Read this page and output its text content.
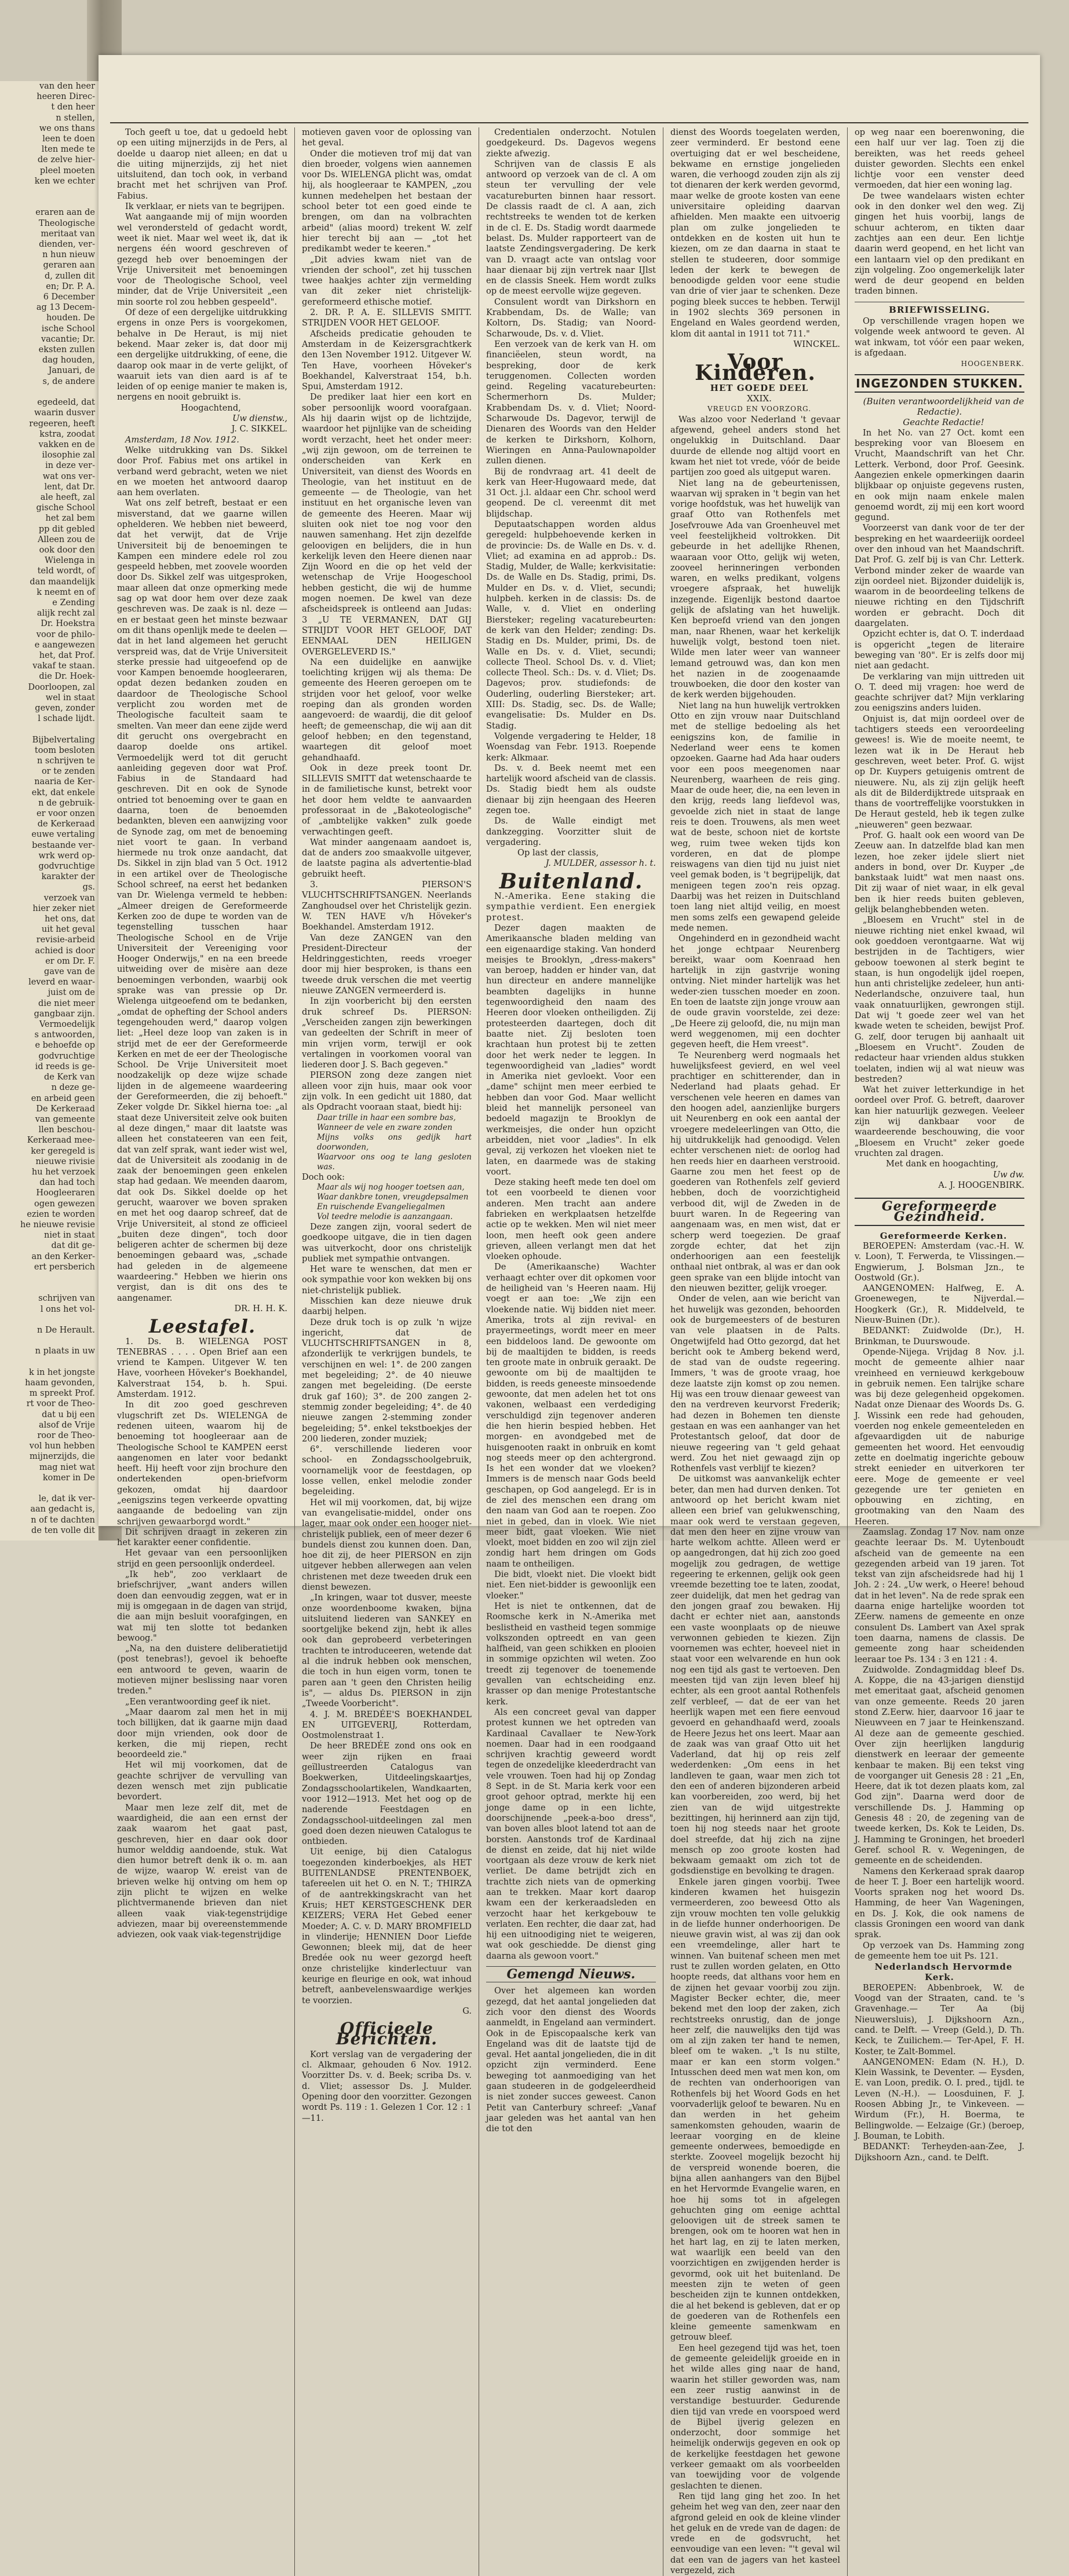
van den heer
heeren Direc-
t den heer
n stellen,
we ons thans
leen te doen
lten mede te
de zelve hier-
pleel moeten
ken we echter

eraren aan de
Theologische
meritaat van
dienden, ver-
n hun nieuw
geraren aan
d, zullen dit
en; Dr. P. A.
6 December
ag 13 Decem-
houden. De
ische School
vacantie; Dr.
eksten zullen
dag houden,
Januari, de
s, de andere

egedeeld, dat
waarin dusver
regeeren, heeft
kstra, zoodat
vakken en de
ilosophie zal
in deze ver-
wat ons ver-
lent, dat Dr.
ale heeft, zal
gische School
het zal bem
pp dit gebled
Alleen zou de
ook door den
Wielenga in
teld wordt, of
dan maandelijk
k neemt en of
e Zending
alijk recht zal
Dr. Hoekstra
voor de philo-
e aangewezen
het, dat Prof.
vakaf te staan.
die Dr. Hoek-
Doorloopen, zal
wel in staat
geven, zonder
l schade lijdt.

Bijbelvertaling
toom besloten
n schrijven te
or te zenden
naaria de Ker-
ekt, dat enkele
n de gebruik-
er voor onzen
de Kerkeraad
euwe vertaling
bestaande ver-
wrk werd op-
godvruchtige
karakter der
gs.
verzoek van
hier zeker niet
het ons, dat
uit het geval
revisie-arbeid
achied is door
er om Dr. F.
gave van de
leverd en waar-
juist om de
die niet meer
gangbaar zijn.
Vermoedelijk
s antwoorden,
e behoefde op
godvruchtige
id reeds is ge-
de Kerk van
n deze ge-
en arbeid geen
De Kerkeraad
van gemeente
llen beschou-
Kerkeraad mee-
ker geregeld is
nieuwe rivisie
hu het verzoek
dan had toch
Hoogleeraren
ogen gewezen
ezien te worden
he nieuwe revisie
niet in staat
dat dit ge-
an den Kerker-
ert persberich

schrijven van
l ons het vol-

n De Herault.

n plaats in uw

k in het jongste
haam gevonden,
m spreekt Prof.
rt voor de Theo-
dat u bij een
alsof de Vrije
roor de Theo-
vol hun hebben
mijnerzijds, die
mag niet wat
komer in De

le, dat ik ver-
aan gedacht is,
n of te dachten
de ten volle dit

Toch geeft u toe, dat u gedoeld hebt op een uiting mijnerzijds in de Pers, al doelde u daarop niet alleen; en dat u die uiting mijnerzijds, zij het niet uitsluitend, dan toch ook, in verband bracht met het schrijven van Prof. Fabius.

Ik verklaar, er niets van te begrijpen.

Wat aangaande mij of mijn woorden wel verondersteld of gedacht wordt, weet ik niet. Maar wel weet ik, dat ik nergens één woord geschreven of gezegd heb over benoemingen der Vrije Universiteit met benoemingen voor de Theologische School, veel minder, dat de Vrije Universiteit „een min soorte rol zou hebben gespeeld".

Of deze of een dergelijke uitdrukking ergens in onze Pers is voorgekomen, behalve in De Heraut, is mij niet bekend. Maar zeker is, dat door mij een dergelijke uitdrukking, of eene, die daarop ook maar in de verte gelijkt, of waaruit iets van dien aard is af te leiden of op eenige manier te maken is, nergens en nooit gebruikt is.

Hoogachtend,

Uw dienstw.,

J. C. SIKKEL.

Amsterdam, 18 Nov. 1912.

Welke uitdrukking van Ds. Sikkel door Prof. Fabius met ons artikel in verband werd gebracht, weten we niet en we moeten het antwoord daarop aan hem overlaten.

Wat ons zelf betreft, bestaat er een misverstand, dat we gaarne willen ophelderen. We hebben niet beweerd, dat het verwijt, dat de Vrije Universiteit bij de benoemingen te Kampen een mindere edele rol zou gespeeld hebben, met zoovele woorden door Ds. Sikkel zelf was uitgesproken, maar alleen dat onze opmerking mede sag op wat door hem over deze zaak geschreven was. De zaak is nl. deze — en er bestaat geen het minste bezwaar om dit thans openlijk mede te deelen — dat in het land algemeen het gerucht verspreid was, dat de Vrije Universiteit sterke pressie had uitgeoefend op de voor Kampen benoemde hoogleeraren, opdat dezen bedanken zouden en daardoor de Theologische School verplicht zou worden met de Theologische faculteit saam te smelten. Van meer dan eene zijde werd dit gerucht ons overgebracht en daarop doelde ons artikel. Vermoedelijk werd tot dit gerucht aanleiding gegeven door wat Prof. Fabius in de Standaard had geschreven. Dit en ook de Synode ontried tot benoeming over te gaan en daarna, toen de benoemden bedankten, bleven een aanwijzing voor de Synode zag, om met de benoeming niet voort te gaan. In verband hiermede nu trok onze aandacht, dat Ds. Sikkel in zijn blad van 5 Oct. 1912 in een artikel over de Theologische School schreef, na eerst het bedanken van Dr. Wielenga vermeld te hebben: „Almeer dreigen de Gereformeerde Kerken zoo de dupe te worden van de tegenstelling tusschen haar Theologische School en de Vrije Universiteit der Vereeniging voor Hooger Onderwijs," en na een breede uitweiding over de misère aan deze benoemingen verbonden, waarbij ook sprake was van pressie op Dr. Wielenga uitgeoefend om te bedanken, „omdat de ophefting der School anders tegengehouden werd," daarop volgen liet: „Heel deze loop van zaken is in strijd met de eer der Gereformeerde Kerken en met de eer der Theologische School. De Vrije Universiteit moet noodzakelijk op deze wijze schade lijden in de algemeene waardeering der Gereformeerden, die zij behoeft." Zeker volgde Dr. Sikkel hierna toe: „al staat deze Universiteit zelve ook buiten al deze dingen," maar dit laatste was alleen het constateeren van een feit, dat van zelf sprak, want ieder wist wel, dat de Universiteit als zoodanig in de zaak der benoemingen geen enkelen stap had gedaan. We meenden daarom, dat ook Ds. Sikkel doelde op het gerucht, waarover we boven spraken en met het oog daarop schreef, dat de Vrije Universiteit, al stond ze officieel „buiten deze dingen", toch door beligeren achter de schermen bij deze benoemingen gebaard was, „schade had geleden in de algemeene waardeering." Hebben we hierin ons vergist, dan is dit ons des te aangenamer.

DR. H. H. K.

Leestafel.

1. Ds. B. WIELENGA POST TENEBRAS . . . . Open Brief aan een vriend te Kampen. Uitgever W. ten Have, voorheen Höveker's Boekhandel, Kalverstraat 154, b. h. Spui. Amsterdam. 1912.

In dit zoo goed geschreven vlugschrift zet Ds. WIELENGA de redenen uiteen, waarom hij de benoeming tot hoogleeraar aan de Theologische School te KAMPEN eerst aangenomen en later voor bedankt heeft. Hij heeft voor zijn brochure den ondertekenden open-briefvorm gekozen, omdat hij daardoor „eenigszins tegen verkeerde opvatting aangaande de bedoeling van zijn schrijven gewaarborgd wordt."

Dit schrijven draagt in zekeren zin het karakter eener confidentie.

Het gevaar van een persoonlijken strijd en geen persoonlijk onderdeel.

„Ik heb", zoo verklaart de briefschrijver, „want anders willen doen dan eenvoudig zeggen, wat er in mij is omgegaan in de dagen van strijd, die aan mijn besluit voorafgingen, en wat mij ten slotte tot bedanken bewoog."

„Na, na den duistere deliberatietijd (post tenebras!), gevoel ik behoefte een antwoord te geven, waarin de motieven mijner beslissing naar voren treden."

„Een verantwoording geef ik niet.

„Maar daarom zal men het in mij toch billijken, dat ik gaarne mijn daad door mijn vrienden, ook door de kerken, die mij riepen, recht beoordeeld zie."

Het wil mij voorkomen, dat de geachte schrijver de vervulling van dezen wensch met zijn publicatie bevordert.

Maar men leze zelf dit, met de waardigheid, die aan een ernst der zaak waarom het gaat past, geschreven, hier en daar ook door humor welddig aandoende, stuk. Wat dien humor betreft denk ik o. m. aan de wijze, waarop W. ereist van de brieven welke hij ontving om hem op zijn plicht te wijzen en welke plichtvermanende brieven dan niet alleen vaak viak-tegenstrijdige adviezen, maar bij overeenstemmende adviezen, ook vaak viak-tegenstrijdige

motieven gaven voor de oplossing van het geval.

Onder die motieven trof mij dat van dien broeder, volgens wien aannemen voor Ds. WIELENGA plicht was, omdat hij, als hoogleeraar te KAMPEN, „zou kunnen medehelpen het bestaan der school beter tot een goed einde te brengen, om dan na volbrachten arbeid" (alias moord) trekent W. zelf hier terecht bij aan — „tot het predikambt weder te keeren."

„Dit advies kwam niet van de vrienden der school", zet hij tusschen twee haakjes achter zijn vermelding van dit zeker niet christelijk-gereformeerd ethische motief.

2. DR. P. A. E. SILLEVIS SMITT. STRIJDEN VOOR HET GELOOF.

Afscheids predicatie gehouden te Amsterdam in de Keizersgrachtkerk den 13en November 1912. Uitgever W. Ten Have, voorheen Höveker's Boekhandel, Kalverstraat 154, b.h. Spui, Amsterdam 1912.

De prediker laat hier een kort en sober persoonlijk woord voorafgaan. Als hij daarin wijst op de lichtzijde, waardoor het pijnlijke van de scheiding wordt verzacht, heet het onder meer: „wij zijn gewoon, om de terreinen te onderscheiden van Kerk en Universiteit, van dienst des Woords en Theologie, van het instituut en de gemeente — de Theologie, van het instituut en het organische leven van de gemeente des Heeren. Maar wij sluiten ook niet toe nog voor den nauwen samenhang. Het zijn dezelfde geloovigen en belijders, die in hun kerkelijk leven den Heere dienen naar Zijn Woord en die op het veld der wetenschap de Vrije Hoogeschool hebben gesticht, die wij de humme mogen noemen. De kwel van deze afscheidspreek is ontleend aan Judas: 3 „U TE VERMANEN, DAT GIJ STRIJDT VOOR HET GELOOF, DAT EENMAAL DEN HEILIGEN OVERGELEVERD IS."

Na een duidelijke en aanwijke toelichting krijgen wij als thema: De gemeente des Heeren geroepen om te strijden voor het geloof, voor welke roeping dan als gronden worden aangevoerd: de waardij, die dit geloof heeft; de gemeenschap, die wij aan dit geloof hebben; en den tegenstand, waartegen dit geloof moet gehandhaafd.

Ook in deze preek toont Dr. SILLEVIS SMITT dat wetenschaarde te in de familietische kunst, betrekt voor het door hem veldte te aanvaarden professoraat in de „Bakoteologische" of „ambtelijke vakken" zulk goede verwachtingen geeft.

Wat minder aangenaam aandoet is, dat de anders zoo smaakvolle uitgever, de laatste pagina als advertentie-blad gebruikt heeft.

3. PIERSON'S VLUCHTSCHRIFTSANGEN. Neerlands Zanghoudsel over het Christelijk gezin. W. TEN HAVE v/h Höveker's Boekhandel. Amsterdam 1912.

Van deze ZANGEN van den President-Directeur der Heldringgestichten, reeds vroeger door mij hier besproken, is thans een tweede druk verschen die met veertig nieuwe ZANGEN vermeerderd is.

In zijn voorbericht bij den eersten druk schreef Ds. PIERSON: „Verscheiden zangen zijn bewerkingen van gedeelten der Schrift in meer of min vrijen vorm, terwijl er ook vertalingen in voorkomen vooral van liederen door J. S. Bach gegeven."

PIERSON zong deze zangen niet alleen voor zijn huis, maar ook voor zijn volk. In een gedicht uit 1880, dat als Opdracht vooraan staat, biedt hij:

Daar trille in haar een sombre bas,
Wanneer de vele en zware zonden
Mijns volks ons gedijk hart doorwonden,
Waarvoor ons oog te lang gesloten was.

Doch ook:

Maar als wij nog hooger toetsen aan,
Waar dankbre tonen, vreugdepsalmen
En ruischende Evangeliegalmen
Vol teedre melodie is aanzangaan.

Deze zangen zijn, vooral sedert de goedkoope uitgave, die in tien dagen was uitverkocht, door ons christelijk publiek met sympathie ontvangen.

Het ware te wenschen, dat men er ook sympathie voor kon wekken bij ons niet-christelijk publiek.

Misschien kan deze nieuwe druk daarbij helpen.

Deze druk toch is op zulk 'n wijze ingericht, dat de VLUCHTSCHRIFTSANGEN in 8, afzonderlijk te verkrijgen bundels, te verschijnen en wel: 1°. de 200 zangen met begeleiding; 2°. de 40 nieuwe zangen met begeleiding. (De eerste druk gaf 160); 3°. de 200 zangen 2-stemmig zonder begeleiding; 4°. de 40 nieuwe zangen 2-stemming zonder begeleiding; 5°. enkel tekstboekjes der 200 liederen, zonder muziek;

6°. verschillende liederen voor school- en Zondagsschoolgebruik, voornamelijk voor de feestdagen, op losse vellen, enkel melodie zonder begeleiding.

Het wil mij voorkomen, dat, bij wijze van evangelisatie-middel, onder ons lager, maar ook onder een hooger niet-christelijk publiek, een of meer dezer 6 bundels dienst zou kunnen doen. Dan, hoe dit zij, de heer PIERSON en zijn uitgever hebben allerwegen aan velen christenen met deze tweeden druk een dienst bewezen.

„In kringen, waar tot dusver, meeste onze woordenboome kwaken, bijna uitsluitend liederen van SANKEY en soortgelijke bekend zijn, hebt ik alles ook dan geprobeerd verbeteringen trachten te introduceeren, wetende dat al die indruk hebben ook menschen, die toch in hun eigen vorm, tonen te paren aan 't geen den Christen heilig is", — aldus Ds. PIERSON in zijn „Tweede Voorbericht".

4. J. M. BREDÉE'S BOEKHANDEL EN UITGEVERIJ, Rotterdam, Oostmolenstraat 1.

De heer BREDÉE zond ons ook en weer zijn rijken en fraai geïllustreerden Catalogus van Boekwerken, Uitdeelingskaartjes, Zondagsschoolartikelen, Wandkaarten, voor 1912—1913. Met het oog op de naderende Feestdagen en Zondagsschool-uitdeelingen zal men goed doen dezen nieuwen Catalogus te ontbieden.

Uit eenige, bij dien Catalogus toegezonden kinderboekjes, als HET BUITENLANDSE PRENTENBOEK, tafereelen uit het O. en N. T.; THIRZA of de aantrekkingskracht van het Kruis; HET KERSTGESCHENK DER KEIZERS; VERA Het Gebed eener Moeder; A. C. v. D. MARY BROMFIELD in vlinderije; HENNIEN Door Liefde Gewonnen; bleek mij, dat de heer Bredée ook nu weer gezorgd heeft onze christelijke kinderlectuur van keurige en fleurige en ook, wat inhoud betreft, aanbevelenswaardige werkjes te voorzien.

G.

Officieele Berichten.

Kort verslag van de vergadering der cl. Alkmaar, gehouden 6 Nov. 1912. Voorzitter Ds. v. d. Beek; scriba Ds. v. d. Vliet; assessor Ds. J. Mulder. Opening door den voorzitter. Gezongen wordt Ps. 119 : 1. Gelezen 1 Cor. 12 : 1—11.

Credentialen onderzocht. Notulen goedgekeurd. Ds. Dagevos wegens ziekte afwezig.

Schrijven van de classis E als antwoord op verzoek van de cl. A om steun ter vervulling der vele vacatureburten binnen haar ressort. De classis raadt de cl. A aan, zich rechtstreeks te wenden tot de kerken in de cl. E. Ds. Stadig wordt daarmede belast. Ds. Mulder rapporteert van de laatste Zendingsvergadering. De kerk van D. vraagt acte van ontslag voor haar dienaar bij zijn vertrek naar IJlst en de classis Sneek. Hem wordt zulks op de meest eervolle wijze gegeven.

Consulent wordt van Dirkshorn en Krabbendam, Ds. de Walle; van Koltorn, Ds. Stadig; van Noord-Scharwoude, Ds. v. d. Vliet.

Een verzoek van de kerk van H. om financiëelen, steun wordt, na bespreking, door de kerk teruggenomen. Collecten worden geind. Regeling vacaturebeurten: Schermerhorn Ds. Mulder; Krabbendam Ds. v. d. Vliet; Noord-Scharwoude Ds. Dagevor, terwijl de Dienaren des Woords van den Helder de kerken te Dirkshorn, Kolhorn, Wieringen en Anna-Paulownapolder zullen dienen.

Bij de rondvraag art. 41 deelt de kerk van Heer-Hugowaard mede, dat 31 Oct. j.l. aldaar een Chr. school werd geopend. De cl. vereenmt dit met blijdschap.

Deputaatschappen worden aldus geregeld: hulpbehoevende kerken in de provincie: Ds. de Walle en Ds. v. d. Vliet; ad examina en ad approb.: Ds. Stadig, Mulder, de Walle; kerkvisitatie: Ds. de Walle en Ds. Stadig, primi, Ds. Mulder en Ds. v. d. Vliet, secundi; hulpbeh. kerken in de classis: Ds. de Walle, v. d. Vliet en onderling Biersteker; regeling vacaturebeurten: de kerk van den Helder; zending: Ds. Stadig en Ds. Mulder, primi, Ds. de Walle en Ds. v. d. Vliet, secundi; collecte Theol. School Ds. v. d. Vliet; collecte Theol. Sch.: Ds. v. d. Vliet; Ds. Dagevos; prov. studiefonds: de Ouderling, ouderling Biersteker; art. XIII: Ds. Stadig, sec. Ds. de Walle; evangelisatie: Ds. Mulder en Ds. Stadig.

Volgende vergadering te Helder, 18 Woensdag van Febr. 1913. Roepende kerk: Alkmaar.

Ds. v. d. Beek neemt met een hartelijk woord afscheid van de classis. Ds. Stadig biedt hem als oudste dienaar bij zijn heengaan des Heeren zegen toe.

Ds. de Walle eindigt met dankzegging. Voorzitter sluit de vergadering.

Op last der classis,

J. MULDER, assessor h. t.

Buitenland.

N.-Amerika. Eene staking die sympathie verdient. Een energiek protest.

Dezer dagen maakten de Amerikaansche bladen melding van een eigenaardige staking. Van honderd meisjes te Brooklyn, „dress-makers" van beroep, hadden er hinder van, dat hun directeur en andere mannelijke beambten dagelijks in hunne tegenwoordigheid den naam des Heeren door vloeken ontheiligden. Zij protesteerden daartegen, doch dit baatte niet. Zij besloten toen krachtaan hun protest bij te zetten door het werk neder te leggen. In tegenwoordigheid van „ladies" wordt in Amerika niet gevloekt. Voor een „dame" schijnt men meer eerbied te hebben dan voor God. Maar wellicht bleid het mannelijk personeel van bedoeld magazijn te Brooklyn de werkmeisjes, die onder hun opzicht arbeidden, niet voor „ladies". In elk geval, zij verkozen het vloeken niet te laten, en daarmede was de staking voort.

Deze staking heeft mede ten doel om tot een voorbeeld te dienen voor anderen. Men tracht aan andere fabrieken en werkplaatsen hetzelfde actie op te wekken. Men wil niet meer loon, men heeft ook geen andere grieven, alleen verlangt men dat het vloeken ophoude.

De (Amerikaansche) Wachter verhaagt echter over dit opkomen voor de heiligheid van 's Heeren naam. Hij voegt er aan toe: „We zijn een vloekende natie. Wij bidden niet meer. Amerika, trots al zijn revival- en prayermeetings, wordt meer en meer een biddeloos land. De gewoonte om bij de maaltijden te bidden, is reeds ten groote mate in onbruik geraakt. De gewoonte om bij de maaltijden te bidden, is reeds geneeste minsoedende gewoonte, dat men adelen het tot ons vakonen, welbaast een verdediging verschuldigd zijn tegenover anderen die hen hierin bespied hebben. Het morgen- en avondgebed met de huisgenooten raakt in onbruik en komt nog steeds meer op den achtergrond. Is het een wonder dat we vloeken? Immers is de mensch naar Gods beeld geschapen, op God aangelegd. Er is in de ziel des menschen een drang om den naam van God aan te roepen. Zoo niet in gebed, dan in vloek. Wie niet meer bidt, gaat vloeken. Wie niet vloekt, moet bidden en zoo wil zijn ziel zondig hart hem dringen om Gods naam te ontheiligen.

Die bidt, vloekt niet. Die vloekt bidt niet. Een niet-bidder is gewoonlijk een vloeker."

Het is niet te ontkennen, dat de Roomsche kerk in N.-Amerika met beslistheid en vastheid tegen sommige volkszonden optreedt en van geen halfheid, van geen schikken en plooien in sommige opzichten wil weten. Zoo treedt zij tegenover de toenemende gevallen van echtscheiding enz. krasser op dan menige Protestantsche kerk.

Als een concreet geval van dapper protest kunnen we het optreden van Kardinaal Cavallaer te New-York noemen. Daar had in een roodgaand schrijven krachtig geweerd wordt tegen de onzedelijke kleederdracht van vele vrouwen. Toen had hij op Zondag 8 Sept. in de St. Maria kerk voor een groot gehoor optrad, merkte hij een jonge dame op in een lichte, doorschijnende „peek-a-boo dress", van boven alles bloot latend tot aan de borsten. Aanstonds trof de Kardinaal de dienst en zeide, dat hij niet wilde voortgaan als deze vrouw de kerk niet verliet. De dame betrijdt zich en trachtte zich niets van de opmerking aan te trekken. Maar kort daarop kwam een der kerkeraadsleden en verzocht haar het kerkgebouw te verlaten. Een rechter, die daar zat, had hij een uitnoodiging niet te weigeren, wat ook geschiedde. De dienst ging daarna als gewoon voort."

Gemengd Nieuws.

Over het algemeen kan worden gezegd, dat het aantal jongelieden dat zich voor den dienst des Woords aanmeldt, in Engeland aan vermindert. Ook in de Episcopaalsche kerk van Engeland was dit de laatste tijd de geval. Het aantal jongelieden, die in dit opzicht zijn verminderd. Eene beweging tot aanmoediging van het gaan studeeren in de godgeleerdheid is niet zonder succes geweest. Canon Petit van Canterbury schreef: „Vanaf jaar geleden was het aantal van hen die tot den

dienst des Woords toegelaten werden, zeer verminderd. Er bestond eene overtuiging dat er wel bescheidene, bekwame en ernstige jongelieden waren, die verhoogd zouden zijn als zij tot dienaren der kerk werden gevormd, maar welke de groote kosten van eene universitaire opleiding daarvan afhielden. Men maakte een uitvoerig plan om zulke jongelieden te ontdekken en de kosten uit hun te kiezen, om ze dan daarna in staat te stellen te studeeren, door sommige leden der kerk te bewegen de benoodigde gelden voor eene studie van drie of vier jaar te schenken. Deze poging bleek succes te hebben. Terwijl in 1902 slechts 369 personen in Engeland en Wales geordend werden, klom dit aantal in 1911 tot 711."

WINCKEL.

Voor Kinderen.

HET GOEDE DEEL

XXIX.

VREUGD EN VOORZORG.

Was alzoo voor Nederland 't gevaar afgewend, geheel anders stond het ongelukkig in Duitschland. Daar duurde de ellende nog altijd voort en kwam het niet tot vrede, vóór de beide partijen zoo goed als uitgeput waren.

Niet lang na de gebeurtenissen, waarvan wij spraken in 't begin van het vorige hoofdstuk, was het huwelijk van graaf Otto van Rothenfels met Josefvrouwe Ada van Groenheuvel met veel feestelijkheid voltrokken. Dit gebeurde in het adellijke Rhenen, waaraan voor Otto, gelijk wij weten, zooveel herinneringen verbonden waren, en welks predikant, volgens vroegere afspraak, het huwelijk inzegende. Eigenlijk bestond daartoe gelijk de afslating van het huwelijk. Ken beproefd vriend van den jongen man, naar Rhenen, waar het kerkelijk huwelijk volgt, bestond toen niet. Wilde men later weer van wanneer lemand getrouwd was, dan kon men het nazien in de zoogenaamde trouwboeken, die door den koster van de kerk werden bijgehouden.

Niet lang na hun huwelijk vertrokken Otto en zijn vrouw naar Duitschland met de stellige bedoeling als het eenigszins kon, de familie in Nederland weer eens te komen opzoeken. Gaarne had Ada haar ouders voor een poos meegenomen naar Neurenberg, waarheen de reis ging. Maar de oude heer, die, na een leven in den krijg, reeds lang liefdevol was, gevoelde zich niet in staat de lange reis te doen. Trouwens, als men weet wat de beste, schoon niet de kortste weg, ruim twee weken tijds kon vorderen, en dat de plompe reiswagens van dien tijd nu juist niet veel gemak boden, is 't begrijpelijk, dat menigeen tegen zoo'n reis opzag. Daarbij was het reizen in Duitschland toen lang niet altijd veilig, en moest men soms zelfs een gewapend geleide mede nemen.

Ongehinderd en in gezondheid wacht het jonge echtpaar Neurenberg bereikt, waar oom Koenraad hen hartelijk in zijn gastvrije woning ontving. Niet minder hartelijk was het weder-zien tusschen moeder en zoon. En toen de laatste zijn jonge vrouw aan de oude gravin voorstelde, zei deze: „De Heere zij geloofd, die, nu mijn man werd weggenomen, mij een dochter gegeven heeft, die Hem vreest".

Te Neurenberg werd nogmaals het huwelijksfeest gevierd, en wel veel prachtiger en schitterender, dan in Nederland had plaats gehad. Er verschenen vele heeren en dames van den hoogen adel, aanzienlijke burgers uit Neurenberg en ook een aantal der vroegere medeleerlingen van Otto, die hij uitdrukkelijk had genoodigd. Velen echter verschenen niet: de oorlog had hen reeds hier en daarheen verstrooid. Gaarne zou men het feest op de goederen van Rothenfels zelf gevierd hebben, doch de voorzichtigheid verbood dit, wijl de Zweden in de buurt waren. In de Regeering van aangenaam was, en men wist, dat er scherp werd toegezien. De graaf zorgde echter, dat het zijn onderhoorigen aan een feestelijk onthaal niet ontbrak, al was er dan ook geen sprake van een blijde intocht van den nieuwen bezitter, gelijk vroeger.

Onder de velen, aan wie bericht van het huwelijk was gezonden, behoorden ook de burgemeesters of de besturen van vele plaatsen in de Palts. Ongetwijfeld had Otto gezorgd, dat het bericht ook te Amberg bekend werd, de stad van de oudste regeering. Immers, 't was de groote vraag, hoe deze laatste zijn komst op zou nemen. Hij was een trouw dienaar geweest van den na verdreven keurvorst Frederik; had dezen in Bohemen ten dienste gestaan en was een aanhanger van het Protestantsch geloof, dat door de nieuwe regeering van 't geld gehaat werd. Zou het niet gewaagd zijn op Rothenfels vast verblijf te kiezen?

De uitkomst was aanvankelijk echter beter, dan men had durven denken. Tot antwoord op het bericht kwam niet alleen een brief van gelukwensching, maar ook werd te verstaan gegeven, dat men den heer en zijne vrouw van harte welkom achtte. Alleen werd er op aangedrongen, dat hij zich zoo goed mogelijk zou gedragen, de wettige regeering te erkennen, gelijk ook geen vreemde bezetting toe te laten, zoodat, zeer duidelijk, dat men het gedrag van den jongen graaf zou bewaken. Hij dacht er echter niet aan, aanstonds een vaste woonplaats op de nieuwe verwonnen gebieden te kiezen. Zijn voornemen was echter, hoeveel niet in staat voor een welvarende en hun ook nog een tijd als gast te vertoeven. Den meesten tijd van zijn leven bleef hij echter, als een groot aantal Rothenfels zelf verbleef, — dat de eer van het heerlijk wapen met een fiere eenvoud gevoerd en gehandhaafd werd, zooals de Heere Jezus het ons leert. Maar aan de zaak was van graaf Otto uit het Vaderland, dat hij op reis zelf wederdenken: „Om eens in het landleven te gaan, waar men zich tot den een of anderen bijzonderen arbeid kan voorbereiden, zoo werd, bij het zien van de wijd uitgestrekte bezittingen, hij herinnerd aan zijn tijd, toen hij nog steeds naar het groote doel streefde, dat hij zich na zijne mensch op zoo groote kosten had bekwaam gemaakt om zich tot de godsdienstige en bevolking te dragen.

Enkele jaren gingen voorbij. Twee kinderen kwamen het huisgezin vermeerderen, zoo beweesd Otto als zijn vrouw mochten ten volle gelukkig in de liefde hunner onderhoorigen. De nieuwe gravin wist, al was zij dan ook een vreemdelinge, aller hart te winnen. Van buitenaf scheen men met rust te zullen worden gelaten, en Otto hoopte reeds, dat althans voor hem en de zijnen het gevaar voorbij zou zijn. Magister Becker echter, die, meer bekend met den loop der zaken, zich rechtstreeks onrustig, dan de jonge heer zelf, die nauwelijks den tijd was om al zijn zaken ter hand te nemen, bleef om te waken. „'t Is nu stilte, maar er kan een storm volgen." Intusschen deed men wat men kon, om de rechten van onderhoorigen van Rothenfels bij het Woord Gods en het voorvaderlijk geloof te bewaren. Nu en dan werden in het geheim samenkomsten gehouden, waarin de leeraar voorging en de kleine gemeente onderwees, bemoedigde en sterkte. Zooveel mogelijk bezocht hij de verspreid wonende boeren, die bijna allen aanhangers van den Bijbel en het Hervormde Evangelie waren, en hoe hij soms tot in afgelegen gehuchten ging om eenige achttal geloovigen uit de streek samen te brengen, ook om te hooren wat hen in het hart lag, en zij te laten merken, wat waarlijk een beeld van den voorzichtigen en zwijgenden herder is gevormd, ook uit het buitenland. De meesten zijn te weten of geen bescheiden zijn te kunnen ontdekken, die al het bekend is gebleven, dat er op de goederen van de Rothenfels een kleine gemeente samenkwam en getrouw bleef.

Een heel gezegend tijd was het, toen de gemeente geleidelijk groeide en in het wilde alles ging naar de hand, waarin het stiller geworden was, nam een zeer rustig aanwinst in de verstandige bestuurder. Gedurende dien tijd van vrede en voorspoed werd de Bijbel ijverig gelezen en onderzocht, door sommige het heimelijk onderwijs gegeven en ook op de kerkelijke feestdagen het gewone verkeer gemaakt om als voorbeelden van toewijding voor de volgende geslachten te dienen.

Ren tijd lang ging het zoo. In het geheim het weg van den, zeer naar den afgrond geleid en ook de kleine vlinder het geluk en de vrede van de dagen: de vrede en de godsvrucht, het eenvoudige van een leven: "'t geval wil dat een van de jagers van het kasteel vergezeld, zich

op weg naar een boerenwoning, die een half uur ver lag. Toen zij die bereikten, was het reeds geheel duister geworden. Slechts een enkel lichtje voor een venster deed vermoeden, dat hier een woning lag.

De twee wandelaars wisten echter ook in den donker wel den weg. Zij gingen het huis voorbij, langs de schuur achterom, en tikten daar zachtjes aan een deur. Een lichtje daarin werd geopend, en het licht van een lantaarn viel op den predikant en zijn volgeling. Zoo ongemerkelijk later werd de deur geopend en belden traden binnen.

BRIEFWISSELING.

Op verschillende vragen hopen we volgende week antwoord te geven. Al wat inkwam, tot vóór een paar weken, is afgedaan.

HOOGENBERK.

INGEZONDEN STUKKEN.

(Buiten verantwoordelijkheid van de Redactie).

Geachte Redactie!

In het No. van 27 Oct. komt een bespreking voor van Bloesem en Vrucht, Maandschrift van het Chr. Letterk. Verbond, door Prof. Geesink. Aangezien enkele opmerkingen daarin blijkbaar op onjuiste gegevens rusten, en ook mijn naam enkele malen genoemd wordt, zij mij een kort woord gegund.

Voorzeerst van dank voor de ter der bespreking en het waardeeriijk oordeel over den inhoud van het Maandschrift. Dat Prof. G. zelf bij is van Chr. Letterk. Verbond minder zeker de waarde van zijn oordeel niet. Bijzonder duidelijk is, waarom in de beoordeeling telkens de nieuwe richting en den Tijdschrift worden er gebracht. Doch dit daargelaten.

Opzicht echter is, dat O. T. inderdaad is opgericht „tegen de literaire beweging van '80". Er is zelfs door mij niet aan gedacht.

De verklaring van mijn uittreden uit O. T. deed mij vragen: hoe werd de geachte schrijver dat? Mijn verklaring zou eenigszins anders luiden.

Onjuist is, dat mijn oordeel over de tachtigers steeds een veroordeeling gewees! is. Wie de moeite neemt, te lezen wat ik in De Heraut heb geschreven, weet beter. Prof. G. wijst op Dr. Kuypers getuigenis omtrent de nieuwere. Nu, als zij zijn gelijk heeft als dit de Bilderdijktrede uitspraak en thans de voortreffelijke voorstukken in De Heraut gesteld, heb ik tegen zulke „nieuweren" geen bezwaar.

Prof. G. haalt ook een woord van De Zeeuw aan. In datzelfde blad kan men lezen, hoe zeker ijdele sliert niet anders in bond, over Dr. Kuyper „de bankstaak luidt" wat men naast ons. Dit zij waar of niet waar, in elk geval ben ik hier reeds buiten gebleven, gelijk belanghebbenden weten.

„Bloesem en Vrucht" stel in de nieuwe richting niet enkel kwaad, wil ook goeddoen verontgaarne. Wat wij bestrijden in de Tachtigers, wier geboow toewonen al sterk begint te staan, is hun ongodelijk ijdel roepen, hun anti christelijke zedeleer, hun anti-Nederlandsche, onzuivere taal, hun vaak onnatuurlijken, gewrongen stijl. Dat wij 't goede zeer wel van het kwade weten te scheiden, bewijst Prof. G. zelf, door terugen bij aanhaalt uit „Bloesem en Vrucht". Zouden de redacteur haar vrienden aldus stukken toelaten, indien wij al wat nieuw was bestreden?

Wat het zuiver letterkundige in het oordeel over Prof. G. betreft, daarover kan hier natuurlijk gezwegen. Veeleer zijn wij dankbaar voor de waardeerende beschouwing, die voor „Bloesem en Vrucht" zeker goede vruchten zal dragen.

Met dank en hoogachting,

Uw dw.

A. J. HOOGENBIRK.

Gereformeerde Gezindheid.

Gereformeerde Kerken.

BEROEPEN: Amsterdam (vac.-H. W. v. Loon), T. Ferwerda, te Vlissingen.— Engwierum, J. Bolsman Jzn., te Oostwold (Gr.).

AANGENOMEN: Halfweg, E. A. Groenewegen, te Nijverdal.— Hoogkerk (Gr.), R. Middelveld, te Nieuw-Buinen (Dr.).

BEDANKT: Zuidwolde (Dr.), H. Brinkman, te Duurswoude.

Opende-Nijega. Vrijdag 8 Nov. j.l. mocht de gemeente alhier naar vreinheed en vernieuwd kerkgebouw in gebruik nemen. Een talrijke schare was bij deze gelegenheid opgekomen. Nadat onze Dienaar des Woords Ds. G. J. Wissink een rede had gehouden, voerden nog enkele gemeenteleden en afgevaardigden uit de naburige gemeenten het woord. Het eenvoudig zette en doelmatig ingerichte gebouw strekt eenieder en uitverkoren ter eere. Moge de gemeente er veel gezegende ure ter genieten en opbouwing en zichting, en grootmaking van den Naam des Heeren.

Zaamslag. Zondag 17 Nov. nam onze geachte leeraar Ds. M. Uytenboudt afscheid van de gemeente na een gezegenden arbeid van 19 jaren. Tot tekst van zijn afscheidsrede had hij 1 Joh. 2 : 24. „Uw werk, o Heere! behoud dat in het leven". Na de rede sprak een daarna enige hartelijke woorden tot ZEerw. namens de gemeente en onze consulent Ds. Lambert van Axel sprak toen daarna, namens de classis. De gemeente zong haar scheidenden leeraar toe Ps. 134 : 3 en 121 : 4.

Zuidwolde. Zondagmiddag bleef Ds. A. Koppe, die na 43-jarigen dienstijd met emeritaat gaat, afscheid genomen van onze gemeente. Reeds 20 jaren stond Z.Eerw. hier, daarvoor 16 jaar te Nieuwveen en 7 jaar te Heinkenszand. Al deze aan de gemeente geschied. Over zijn heerlijken langdurig dienstwerk en leeraar der gemeente kenbaar te maken. Bij een tekst ving de voorganger uit Genesis 28 : 21 „En, Heere, dat ik tot dezen plaats kom, zal God zijn". Daarna werd door de verschillende Ds. J. Hamming op Genesis 48 : 20, de zegening van de tweede kerken, Ds. Kok te Leiden, Ds. J. Hamming te Groningen, het broederl Geref. school R. v. Wegeningen, de gemeente en de scheidenden.

Namens den Kerkeraad sprak daarop de heer T. J. Boer een hartelijk woord. Voorts spraken nog het woord Ds. Hamming, de heer Van Wageningen, en Ds. J. Kok, die ook namens de classis Groningen een woord van dank sprak.

Op verzoek van Ds. Hamming zong de gemeente hem toe uit Ps. 121.

Nederlandsch Hervormde Kerk.

BEROEPEN: Abbenbroek, W. de Voogd van der Straaten, cand. te 's Gravenhage.— Ter Aa (bij Nieuwersluis), J. Dijkshoorn Azn., cand. te Delft. — Vreep (Geld.), D. Th. Keck, te Zuilichem.— Ter-Apel, F. H. Koster, te Zalt-Bommel.

AANGENOMEN: Edam (N. H.), D. Klein Wassink, te Deventer. — Eysden, E. van Loon, predik. O. I. pred., tijdl. te Leven (N.-H.). — Loosduinen, F. J. Roosen Abbing Jr., te Vinkeveen. — Wirdum (Fr.), H. Boerma, te Bellingwolde. — Eelzaige (Gr.) (beroep, J. Bouman, te Lobith.

BEDANKT: Terheyden-aan-Zee, J. Dijkshoorn Azn., cand. te Delft.
